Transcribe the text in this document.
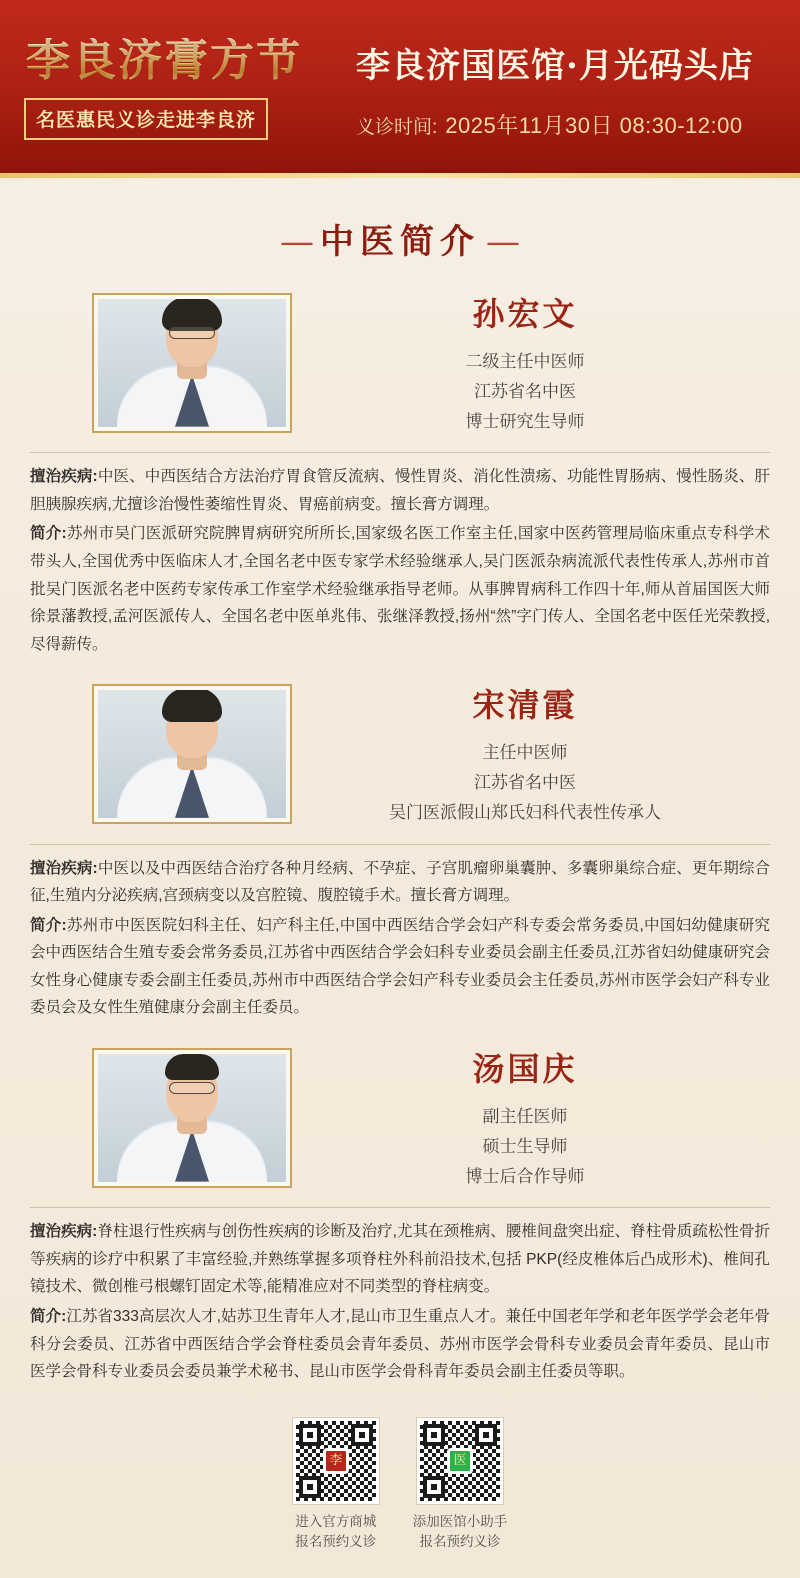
李良济膏方节
名医惠民义诊走进李良济
李良济国医馆·月光码头店
义诊时间: 2025年11月30日 08:30-12:00
— 中医简介 —
孙宏文
二级主任中医师
江苏省名中医
博士研究生导师

擅治疾病:中医、中西医结合方法治疗胃食管反流病、慢性胃炎、消化性溃疡、功能性胃肠病、慢性肠炎、肝胆胰腺疾病,尤擅诊治慢性萎缩性胃炎、胃癌前病变。擅长膏方调理。

简介:苏州市吴门医派研究院脾胃病研究所所长,国家级名医工作室主任,国家中医药管理局临床重点专科学术带头人,全国优秀中医临床人才,全国名老中医专家学术经验继承人,吴门医派杂病流派代表性传承人,苏州市首批吴门医派名老中医药专家传承工作室学术经验继承指导老师。从事脾胃病科工作四十年,师从首届国医大师徐景藩教授,孟河医派传人、全国名老中医单兆伟、张继泽教授,扬州“然”字门传人、全国名老中医任光荣教授,尽得薪传。

宋清霞
主任中医师
江苏省名中医
吴门医派假山郑氏妇科代表性传承人

擅治疾病:中医以及中西医结合治疗各种月经病、不孕症、子宫肌瘤卵巢囊肿、多囊卵巢综合症、更年期综合征,生殖内分泌疾病,宫颈病变以及宫腔镜、腹腔镜手术。擅长膏方调理。

简介:苏州市中医医院妇科主任、妇产科主任,中国中西医结合学会妇产科专委会常务委员,中国妇幼健康研究会中西医结合生殖专委会常务委员,江苏省中西医结合学会妇科专业委员会副主任委员,江苏省妇幼健康研究会女性身心健康专委会副主任委员,苏州市中西医结合学会妇产科专业委员会主任委员,苏州市医学会妇产科专业委员会及女性生殖健康分会副主任委员。

汤国庆
副主任医师
硕士生导师
博士后合作导师

擅治疾病:脊柱退行性疾病与创伤性疾病的诊断及治疗,尤其在颈椎病、腰椎间盘突出症、脊柱骨质疏松性骨折等疾病的诊疗中积累了丰富经验,并熟练掌握多项脊柱外科前沿技术,包括 PKP(经皮椎体后凸成形术)、椎间孔镜技术、微创椎弓根螺钉固定术等,能精准应对不同类型的脊柱病变。

简介:江苏省333高层次人才,姑苏卫生青年人才,昆山市卫生重点人才。兼任中国老年学和老年医学学会老年骨科分会委员、江苏省中西医结合学会脊柱委员会青年委员、苏州市医学会骨科专业委员会青年委员、昆山市医学会骨科专业委员会委员兼学术秘书、昆山市医学会骨科青年委员会副主任委员等职。

李
进入官方商城
报名预约义诊
医
添加医馆小助手
报名预约义诊
